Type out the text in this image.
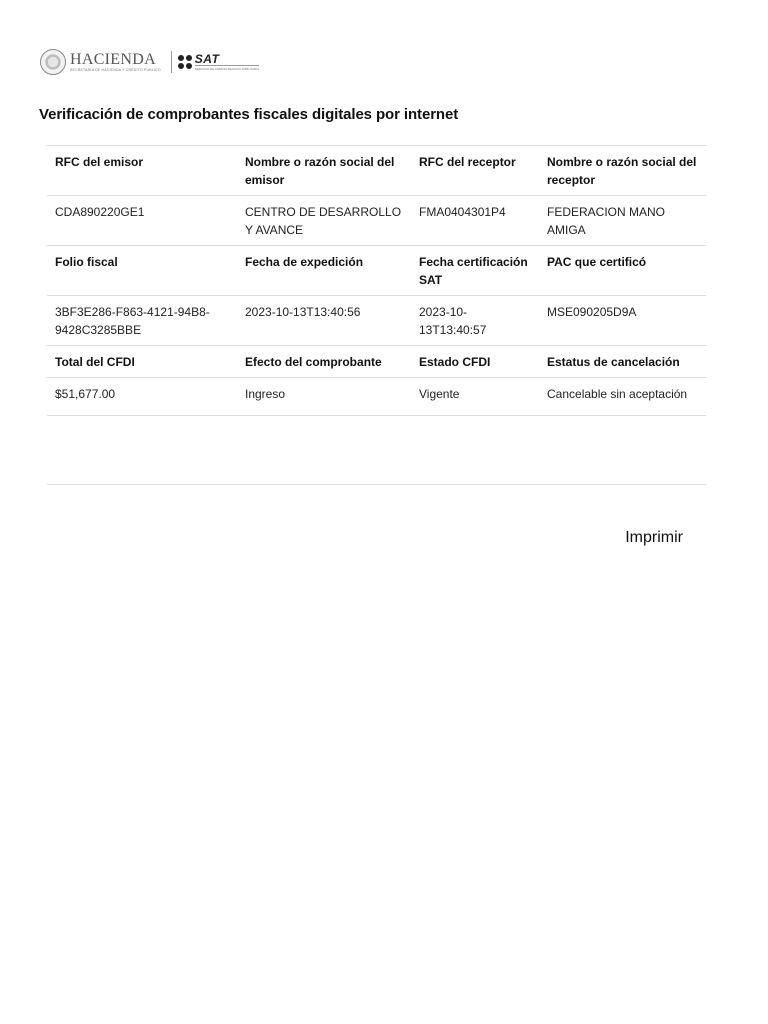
HACIENDA
SECRETARÍA DE HACIENDA Y CRÉDITO PÚBLICO
SAT
SERVICIO DE ADMINISTRACIÓN TRIBUTARIA
Verificación de comprobantes fiscales digitales por internet
RFC del emisor	Nombre o razón social del emisor	RFC del receptor	Nombre o razón social del receptor
CDA890220GE1	CENTRO DE DESARROLLO Y AVANCE	FMA0404301P4	FEDERACION MANO AMIGA
Folio fiscal	Fecha de expedición	Fecha certificación SAT	PAC que certificó
3BF3E286-F863-4121-94B8-9428C3285BBE	2023-10-13T13:40:56	2023-10-13T13:40:57	MSE090205D9A
Total del CFDI	Efecto del comprobante	Estado CFDI	Estatus de cancelación
$51,677.00	Ingreso	Vigente	Cancelable sin aceptación
Imprimir
